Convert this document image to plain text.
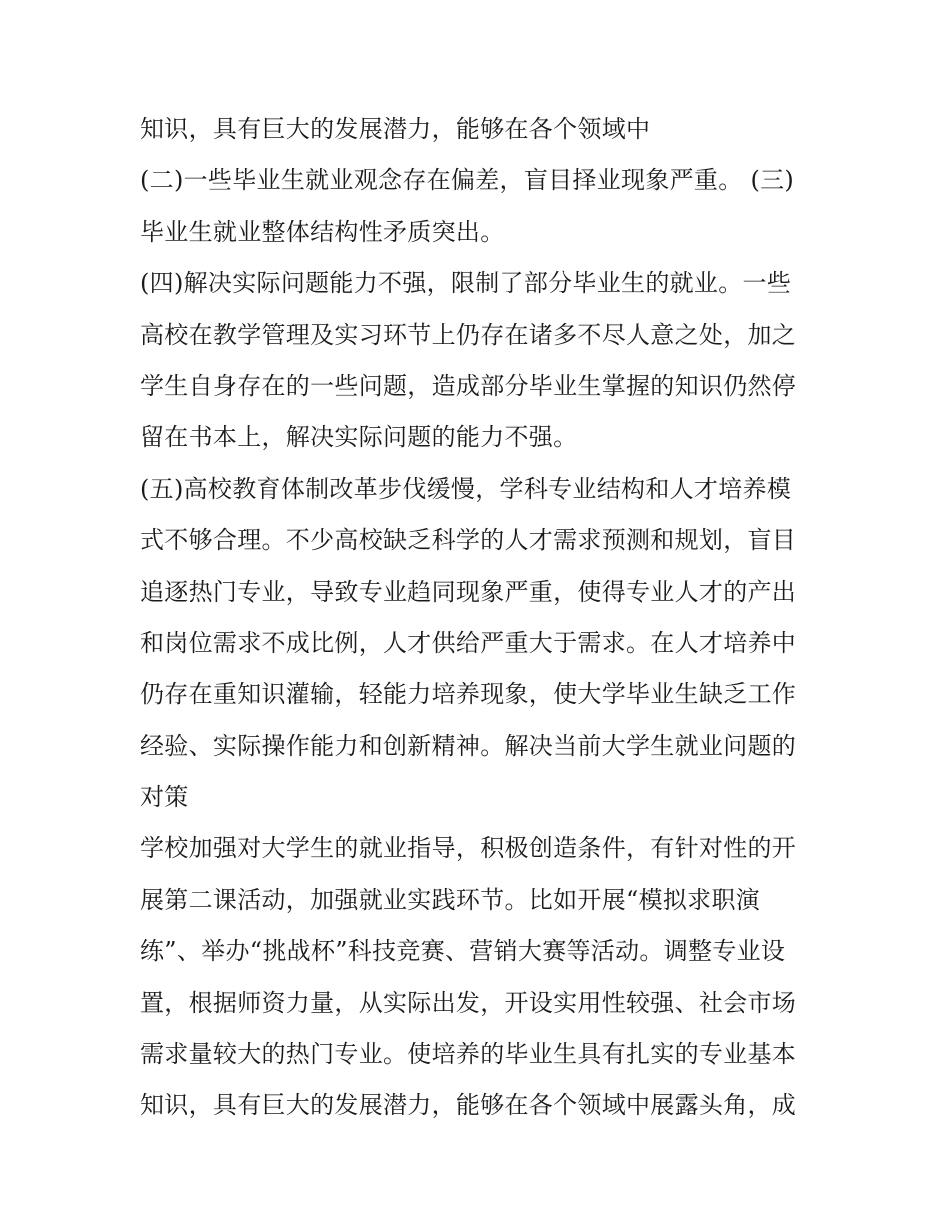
知识，具有巨大的发展潜力，能够在各个领域中
(二)一些毕业生就业观念存在偏差，盲目择业现象严重。 (三)
毕业生就业整体结构性矛质突出。
(四)解决实际问题能力不强，限制了部分毕业生的就业。一些
高校在教学管理及实习环节上仍存在诸多不尽人意之处，加之
学生自身存在的一些问题，造成部分毕业生掌握的知识仍然停
留在书本上，解决实际问题的能力不强。
(五)高校教育体制改革步伐缓慢，学科专业结构和人才培养模
式不够合理。不少高校缺乏科学的人才需求预测和规划，盲目
追逐热门专业，导致专业趋同现象严重，使得专业人才的产出
和岗位需求不成比例，人才供给严重大于需求。在人才培养中
仍存在重知识灌输，轻能力培养现象，使大学毕业生缺乏工作
经验、实际操作能力和创新精神。解决当前大学生就业问题的
对策
学校加强对大学生的就业指导，积极创造条件，有针对性的开
展第二课活动，加强就业实践环节。比如开展“模拟求职演
练”、举办“挑战杯”科技竞赛、营销大赛等活动。调整专业设
置，根据师资力量，从实际出发，开设实用性较强、社会市场
需求量较大的热门专业。使培养的毕业生具有扎实的专业基本
知识，具有巨大的发展潜力，能够在各个领域中展露头角，成
